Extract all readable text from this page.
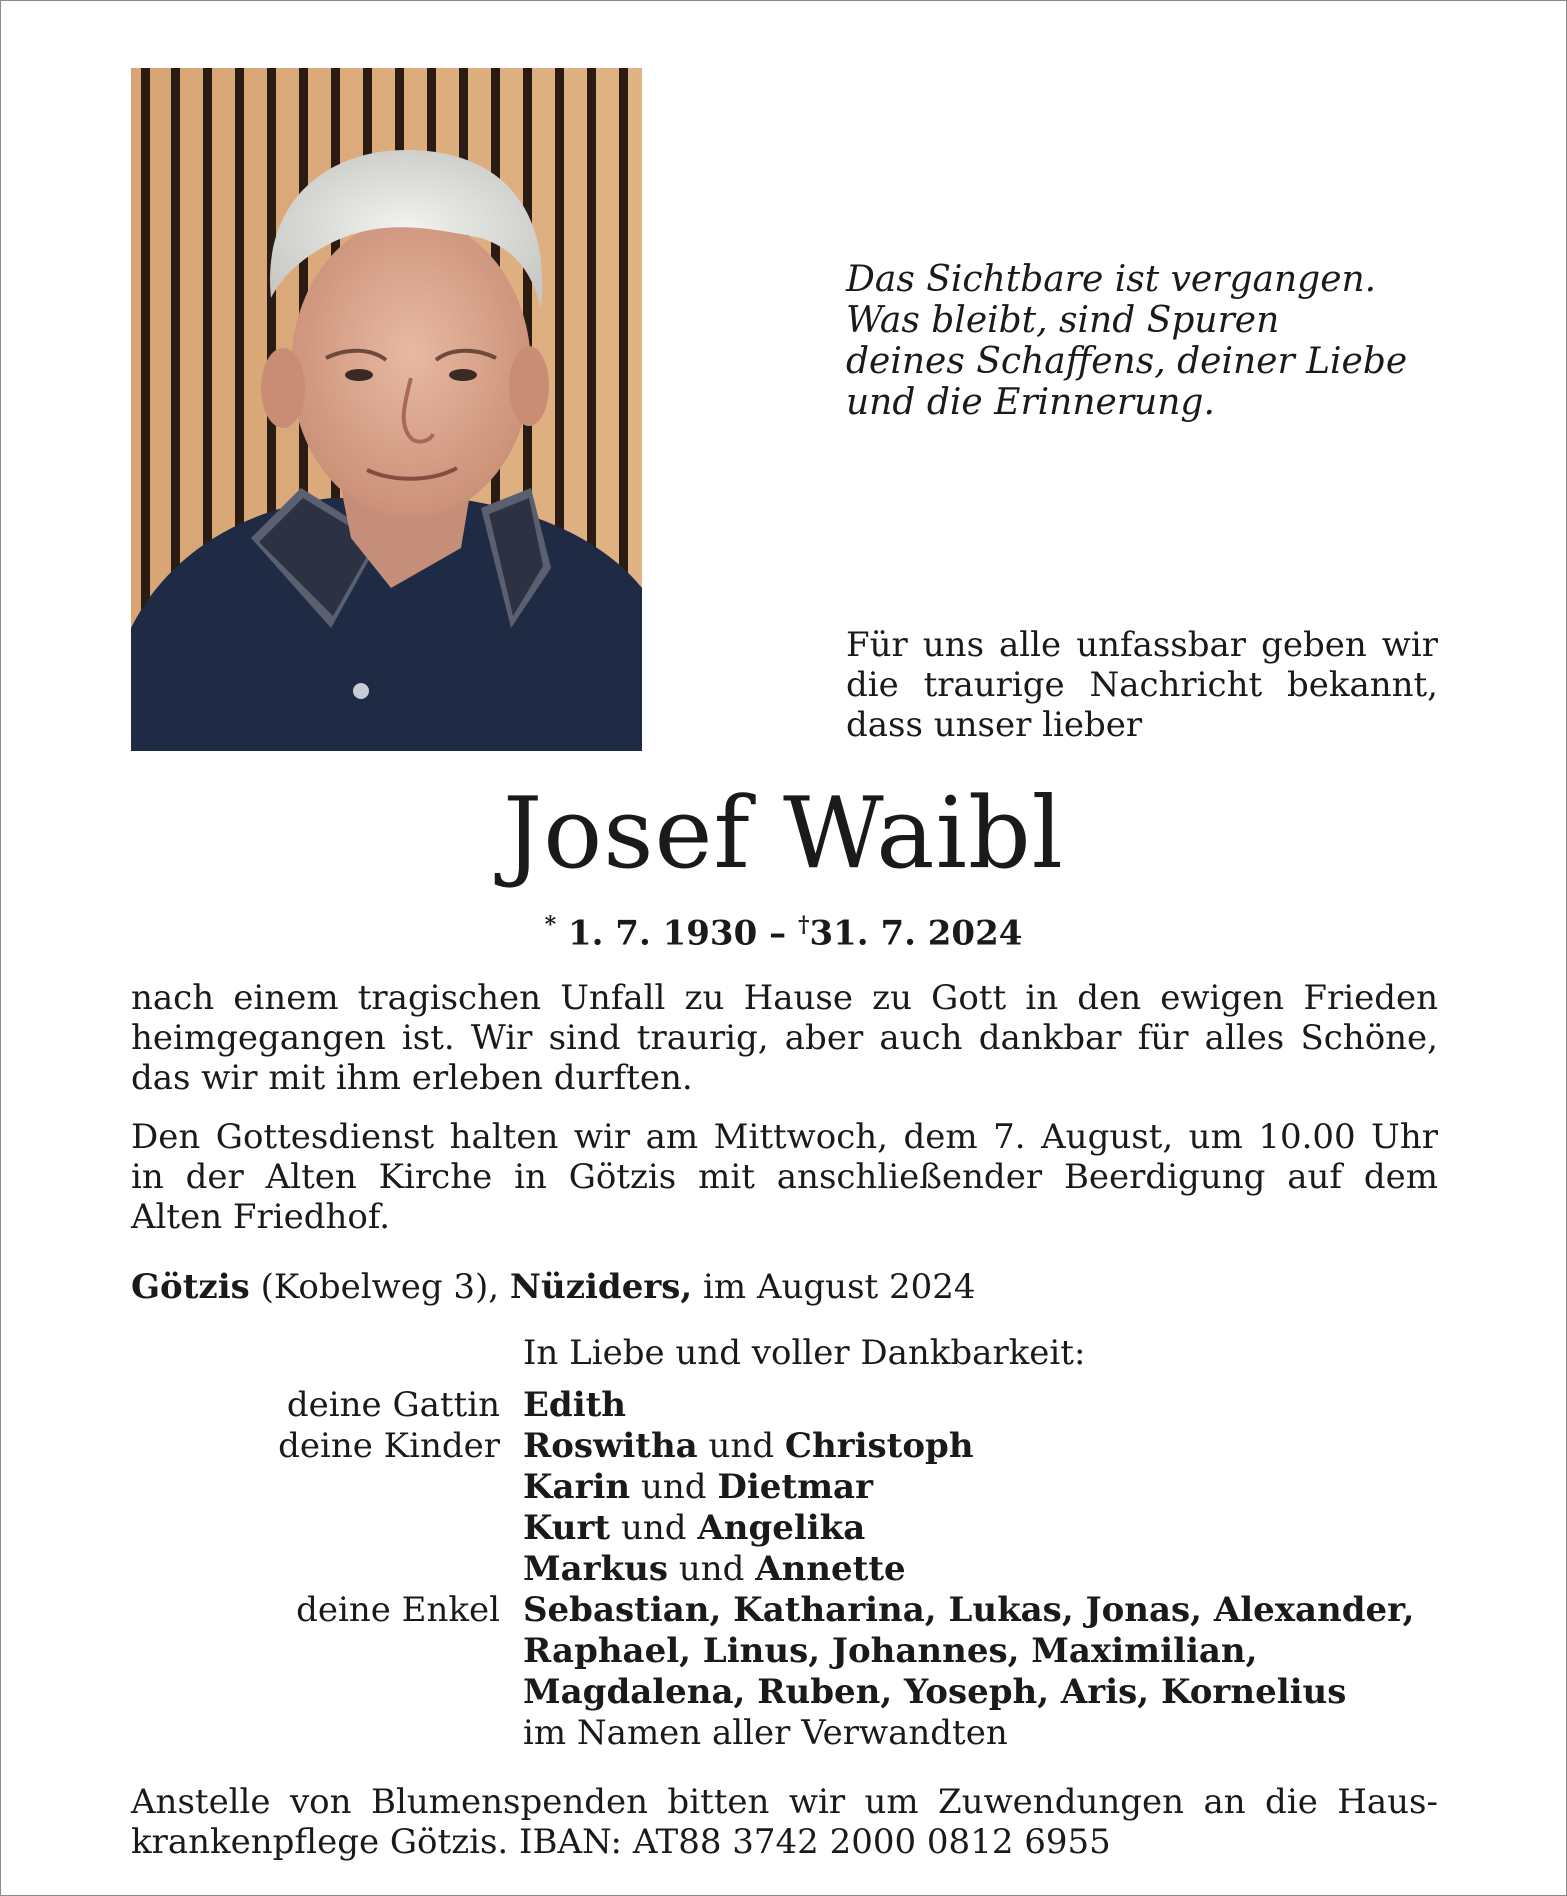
Das Sichtbare ist vergangen.
Was bleibt, sind Spuren
deines Schaffens, deiner Liebe
und die Erinnerung.
Für uns alle unfassbar geben wir
die traurige Nachricht bekannt,
dass unser lieber
Josef Waibl
* 1. 7. 1930 – †31. 7. 2024
nach einem tragischen Unfall zu Hause zu Gott in den ewigen Frieden
heimgegangen ist. Wir sind traurig, aber auch dankbar für alles Schöne,
das wir mit ihm erleben durften.
Den Gottesdienst halten wir am Mittwoch, dem 7. August, um 10.00 Uhr
in der Alten Kirche in Götzis mit anschließender Beerdigung auf dem
Alten Friedhof.
Götzis (Kobelweg 3), Nüziders, im August 2024
In Liebe und voller Dankbarkeit:
deine Gattin Edith
deine Kinder Roswitha und Christoph
Karin und Dietmar
Kurt und Angelika
Markus und Annette
deine Enkel Sebastian, Katharina, Lukas, Jonas, Alexander,
Raphael, Linus, Johannes, Maximilian,
Magdalena, Ruben, Yoseph, Aris, Kornelius
im Namen aller Verwandten
Anstelle von Blumenspenden bitten wir um Zuwendungen an die Haus-
krankenpflege Götzis. IBAN: AT88 3742 2000 0812 6955
